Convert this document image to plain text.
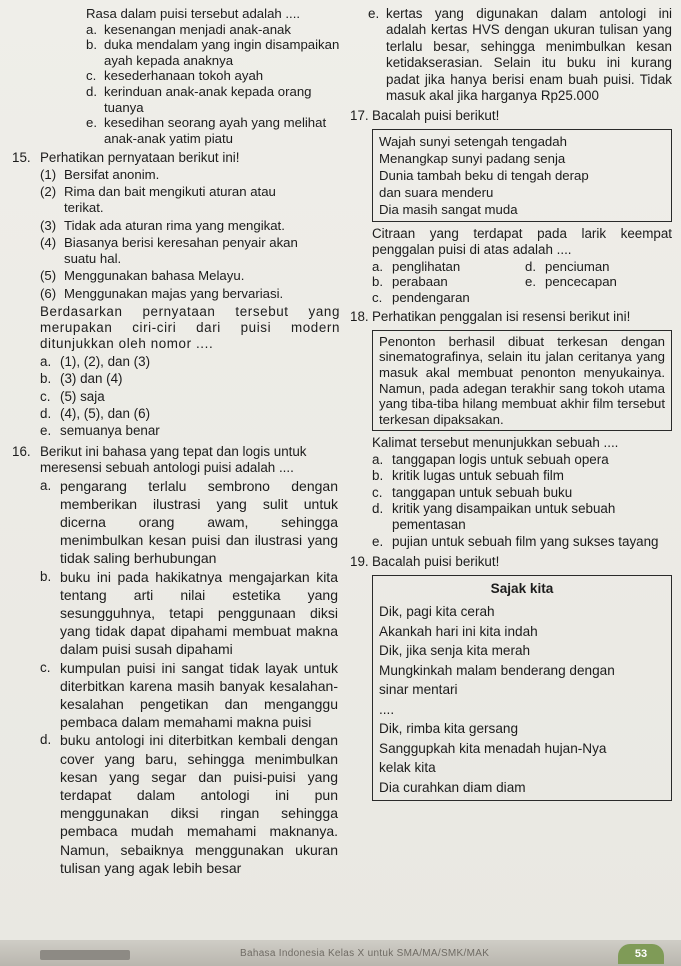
Rasa dalam puisi tersebut adalah ....
a. kesenangan menjadi anak-anak
b. duka mendalam yang ingin disampaikan
ayah kepada anaknya
c. kesederhanaan tokoh ayah
d. kerinduan anak-anak kepada orang
tuanya
e. kesedihan seorang ayah yang melihat
anak-anak yatim piatu
15. Perhatikan pernyataan berikut ini!
(1) Bersifat anonim.
(2) Rima dan bait mengikuti aturan atau
terikat.
(3) Tidak ada aturan rima yang mengikat.
(4) Biasanya berisi keresahan penyair akan
suatu hal.
(5) Menggunakan bahasa Melayu.
(6) Menggunakan majas yang bervariasi.
Berdasarkan pernyataan tersebut yang merupakan ciri-ciri dari puisi modern ditunjukkan oleh nomor ....
a. (1), (2), dan (3)
b. (3) dan (4)
c. (5) saja
d. (4), (5), dan (6)
e. semuanya benar
16. Berikut ini bahasa yang tepat dan logis untuk meresensi sebuah antologi puisi adalah ....
a. pengarang terlalu sembrono dengan memberikan ilustrasi yang sulit untuk dicerna orang awam, sehingga menimbulkan kesan puisi dan ilustrasi yang tidak saling berhubungan
b. buku ini pada hakikatnya mengajarkan kita tentang arti nilai estetika yang sesungguhnya, tetapi penggunaan diksi yang tidak dapat dipahami membuat makna dalam puisi susah dipahami
c. kumpulan puisi ini sangat tidak layak untuk diterbitkan karena masih banyak kesalahan-kesalahan pengetikan dan menganggu pembaca dalam memahami makna puisi
d. buku antologi ini diterbitkan kembali dengan cover yang baru, sehingga menimbulkan kesan yang segar dan puisi-puisi yang terdapat dalam antologi ini pun menggunakan diksi ringan sehingga pembaca mudah memahami maknanya. Namun, sebaiknya menggunakan ukuran tulisan yang agak lebih besar
e. kertas yang digunakan dalam antologi ini adalah kertas HVS dengan ukuran tulisan yang terlalu besar, sehingga menimbulkan kesan ketidakserasian. Selain itu buku ini kurang padat jika hanya berisi enam buah puisi. Tidak masuk akal jika harganya Rp25.000
17. Bacalah puisi berikut!
Wajah sunyi setengah tengadah
Menangkap sunyi padang senja
Dunia tambah beku di tengah derap
dan suara menderu
Dia masih sangat muda
Citraan yang terdapat pada larik keempat penggalan puisi di atas adalah ....
a. penglihatan	d. penciuman
b. perabaan	e. pencecapan
c. pendengaran
18. Perhatikan penggalan isi resensi berikut ini!
Penonton berhasil dibuat terkesan dengan sinematografinya, selain itu jalan ceritanya yang masuk akal membuat penonton menyukainya. Namun, pada adegan terakhir sang tokoh utama yang tiba-tiba hilang membuat akhir film tersebut terkesan dipaksakan.
Kalimat tersebut menunjukkan sebuah ....
a. tanggapan logis untuk sebuah opera
b. kritik lugas untuk sebuah film
c. tanggapan untuk sebuah buku
d. kritik yang disampaikan untuk sebuah pementasan
e. pujian untuk sebuah film yang sukses tayang
19. Bacalah puisi berikut!
Sajak kita
Dik, pagi kita cerah
Akankah hari ini kita indah
Dik, jika senja kita merah
Mungkinkah malam benderang dengan
sinar mentari
....
Dik, rimba kita gersang
Sanggupkah kita menadah hujan-Nya
kelak kita
Dia curahkan diam diam
Bahasa Indonesia Kelas X untuk SMA/MA/SMK/MAK	53
